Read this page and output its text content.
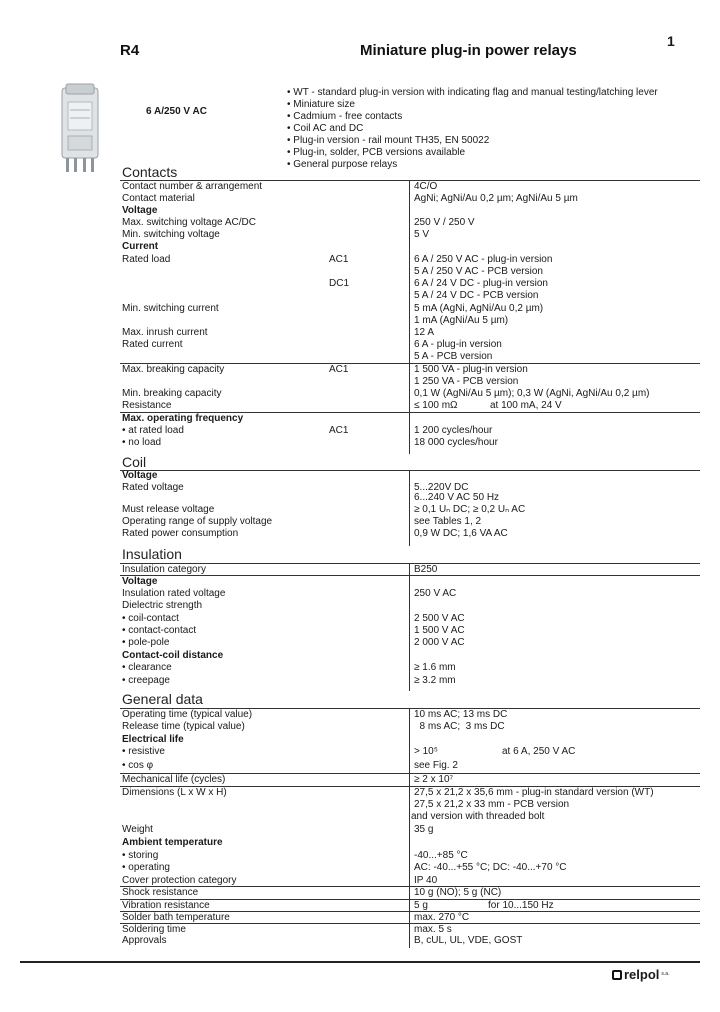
R4	Miniature plug-in power relays
1
6 A/250 V AC
• WT - standard plug-in version with indicating flag and manual testing/latching lever
• Miniature size
• Cadmium - free contacts
• Coil AC and DC
• Plug-in version - rail mount TH35, EN 50022
• Plug-in, solder, PCB versions available
• General purpose relays
Contacts
Coil
Insulation
General data
Contact number & arrangement	4C/O
Contact material	AgNi; AgNi/Au 0,2 µm; AgNi/Au 5 µm
Voltage
Max. switching voltage AC/DC	250 V / 250 V
Min. switching voltage	5 V
Current
Rated load	AC1	6 A / 250 V AC - plug-in version
5 A / 250 V AC - PCB version
DC1	6 A / 24 V DC - plug-in version
5 A / 24 V DC - PCB version
Min. switching current	5 mA (AgNi, AgNi/Au 0,2 µm)
1 mA (AgNi/Au 5 µm)
Max. inrush current	12 A
Rated current	6 A - plug-in version
5 A - PCB version
Max. breaking capacity	AC1	1 500 VA - plug-in version
1 250 VA - PCB version
Min. breaking capacity	0,1 W (AgNi/Au 5 µm); 0,3 W (AgNi, AgNi/Au 0,2 µm)
Resistance	≤ 100 mΩ	at 100 mA, 24 V
Max. operating frequency
• at rated load	AC1	1 200 cycles/hour
• no load	18 000 cycles/hour
Voltage
Rated voltage	5...220V DC
6...240 V AC 50 Hz
Must release voltage	≥ 0,1 Uₙ DC; ≥ 0,2 Uₙ AC
Operating range of supply voltage	see Tables 1, 2
Rated power consumption	0,9 W DC; 1,6 VA AC
Insulation category	B250
Voltage
Insulation rated voltage	250 V AC
Dielectric strength
• coil-contact	2 500 V AC
• contact-contact	1 500 V AC
• pole-pole	2 000 V AC
Contact-coil distance
• clearance	≥ 1.6 mm
• creepage	≥ 3.2 mm
Operating time (typical value)	10 ms AC; 13 ms DC
Release time (typical value)	8 ms AC;  3 ms DC
Electrical life
• resistive	> 10⁵	at 6 A, 250 V AC
• cos φ	see Fig. 2
Mechanical life (cycles)	≥ 2 x 10⁷
Dimensions (L x W x H)	27,5 x 21,2 x 35,6 mm - plug-in standard version (WT)
27,5 x 21,2 x 33 mm - PCB version
and version with threaded bolt
Weight	35 g
Ambient temperature
• storing	-40...+85 °C
• operating	AC: -40...+55 °C; DC: -40...+70 °C
Cover protection category	IP 40
Shock resistance	10 g (NO); 5 g (NC)
Vibration resistance	5 g	for 10...150 Hz
Solder bath temperature	max. 270 °C
Soldering time	max. 5 s
Approvals	B, cUL, UL, VDE, GOST
relpol s.a.
